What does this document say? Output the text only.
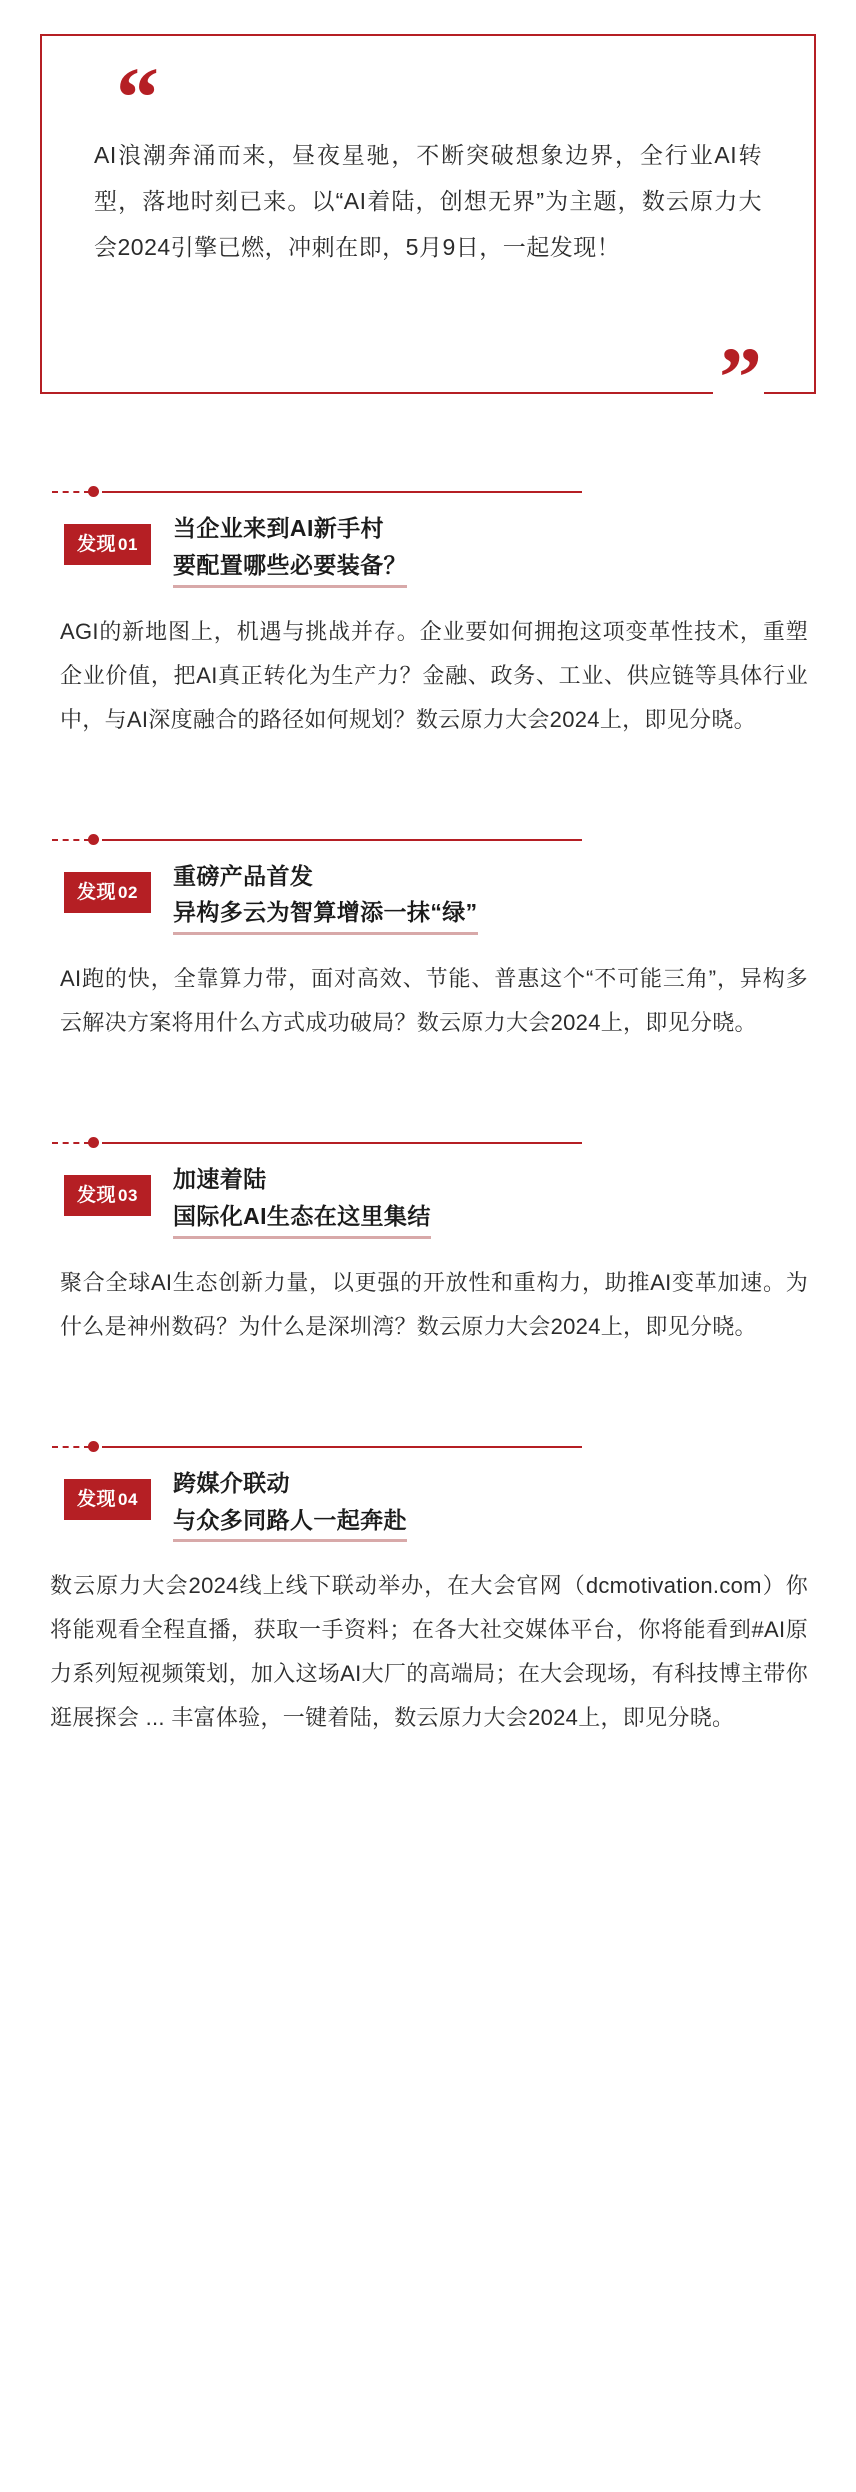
“
AI浪潮奔涌而来，昼夜星驰，不断突破想象边界，全行业AI转型，落地时刻已来。以“AI着陆，创想无界”为主题，数云原力大会2024引擎已燃，冲刺在即，5月9日，一起发现！
”
发现 01
当企业来到AI新手村
要配置哪些必要装备？
AGI的新地图上，机遇与挑战并存。企业要如何拥抱这项变革性技术，重塑企业价值，把AI真正转化为生产力？金融、政务、工业、供应链等具体行业中，与AI深度融合的路径如何规划？数云原力大会2024上，即见分晓。
发现 02
重磅产品首发
异构多云为智算增添一抹“绿”
AI跑的快，全靠算力带，面对高效、节能、普惠这个“不可能三角”，异构多云解决方案将用什么方式成功破局？数云原力大会2024上，即见分晓。
发现 03
加速着陆
国际化AI生态在这里集结
聚合全球AI生态创新力量，以更强的开放性和重构力，助推AI变革加速。为什么是神州数码？为什么是深圳湾？数云原力大会2024上，即见分晓。
发现 04
跨媒介联动
与众多同路人一起奔赴
数云原力大会2024线上线下联动举办，在大会官网（dcmotivation.com）你将能观看全程直播，获取一手资料；在各大社交媒体平台，你将能看到#AI原力系列短视频策划，加入这场AI大厂的高端局；在大会现场，有科技博主带你逛展探会 ... 丰富体验，一键着陆，数云原力大会2024上，即见分晓。
